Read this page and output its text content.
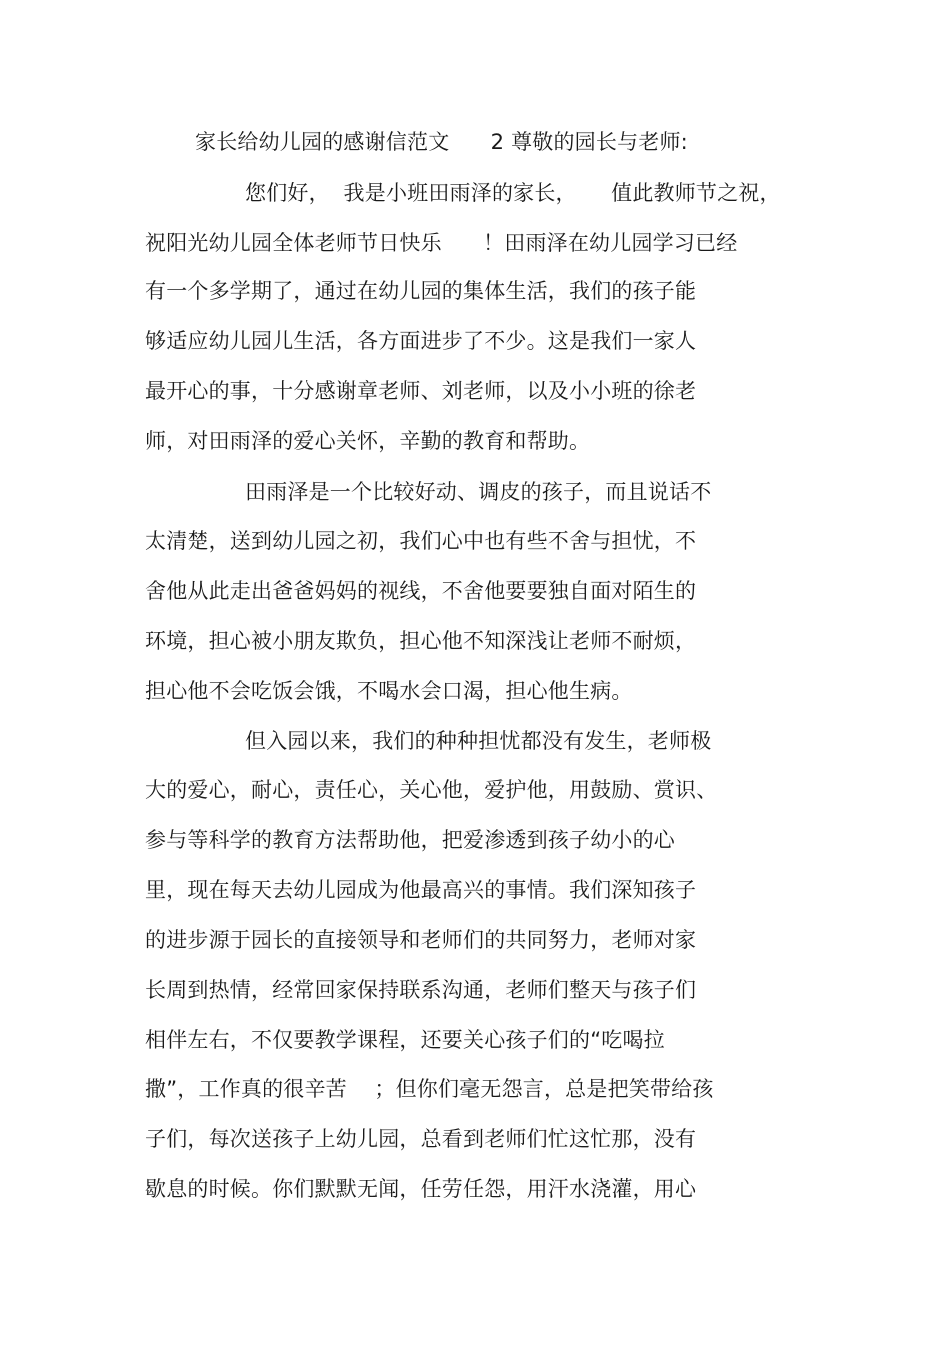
家长给幼儿园的感谢信范文      2 尊敬的园长与老师:
您们好，  我是小班田雨泽的家长，     值此教师节之祝，
祝阳光幼儿园全体老师节日快乐      ！田雨泽在幼儿园学习已经
有一个多学期了，通过在幼儿园的集体生活，我们的孩子能
够适应幼儿园儿生活，各方面进步了不少。这是我们一家人
最开心的事，十分感谢章老师、刘老师，以及小小班的徐老
师，对田雨泽的爱心关怀，辛勤的教育和帮助。
田雨泽是一个比较好动、调皮的孩子，而且说话不
太清楚，送到幼儿园之初，我们心中也有些不舍与担忧，不
舍他从此走出爸爸妈妈的视线，不舍他要要独自面对陌生的
环境，担心被小朋友欺负，担心他不知深浅让老师不耐烦，
担心他不会吃饭会饿，不喝水会口渴，担心他生病。
但入园以来，我们的种种担忧都没有发生，老师极
大的爱心，耐心，责任心，关心他，爱护他，用鼓励、赏识、
参与等科学的教育方法帮助他，把爱渗透到孩子幼小的心
里，现在每天去幼儿园成为他最高兴的事情。我们深知孩子
的进步源于园长的直接领导和老师们的共同努力，老师对家
长周到热情，经常回家保持联系沟通，老师们整天与孩子们
相伴左右，不仅要教学课程，还要关心孩子们的“吃喝拉
撒”，工作真的很辛苦    ；但你们毫无怨言，总是把笑带给孩
子们，每次送孩子上幼儿园，总看到老师们忙这忙那，没有
歇息的时候。你们默默无闻，任劳任怨，用汗水浇灌，用心
